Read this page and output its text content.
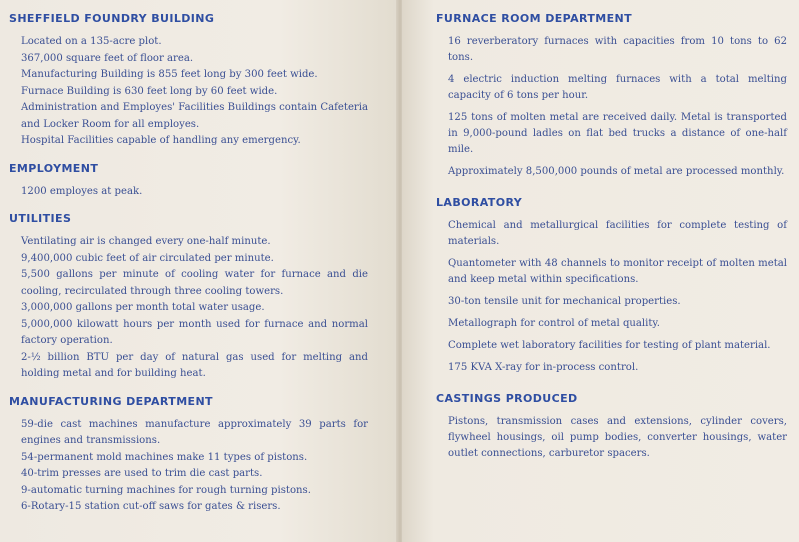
SHEFFIELD FOUNDRY BUILDING
Located on a 135-acre plot.
367,000 square feet of floor area.
Manufacturing Building is 855 feet long by 300 feet wide.
Furnace Building is 630 feet long by 60 feet wide.
Administration and Employes' Facilities Buildings contain Cafeteria and Locker Room for all employes.
Hospital Facilities capable of handling any emergency.
EMPLOYMENT
1200 employes at peak.
UTILITIES
Ventilating air is changed every one-half minute.
9,400,000 cubic feet of air circulated per minute.
5,500 gallons per minute of cooling water for furnace and die cooling, recirculated through three cooling towers.
3,000,000 gallons per month total water usage.
5,000,000 kilowatt hours per month used for furnace and normal factory operation.
2-½ billion BTU per day of natural gas used for melting and holding metal and for building heat.
MANUFACTURING DEPARTMENT
59-die cast machines manufacture approximately 39 parts for engines and transmissions.
54-permanent mold machines make 11 types of pistons.
40-trim presses are used to trim die cast parts.
9-automatic turning machines for rough turning pistons.
6-Rotary-15 station cut-off saws for gates & risers.
FURNACE ROOM DEPARTMENT
16 reverberatory furnaces with capacities from 10 tons to 62 tons.
4 electric induction melting furnaces with a total melting capacity of 6 tons per hour.
125 tons of molten metal are received daily. Metal is transported in 9,000-pound ladles on flat bed trucks a distance of one-half mile.
Approximately 8,500,000 pounds of metal are processed monthly.
LABORATORY
Chemical and metallurgical facilities for complete testing of materials.
Quantometer with 48 channels to monitor receipt of molten metal and keep metal within specifications.
30-ton tensile unit for mechanical properties.
Metallograph for control of metal quality.
Complete wet laboratory facilities for testing of plant material.
175 KVA X-ray for in-process control.
CASTINGS PRODUCED
Pistons, transmission cases and extensions, cylinder covers, flywheel housings, oil pump bodies, converter housings, water outlet connections, carburetor spacers.
